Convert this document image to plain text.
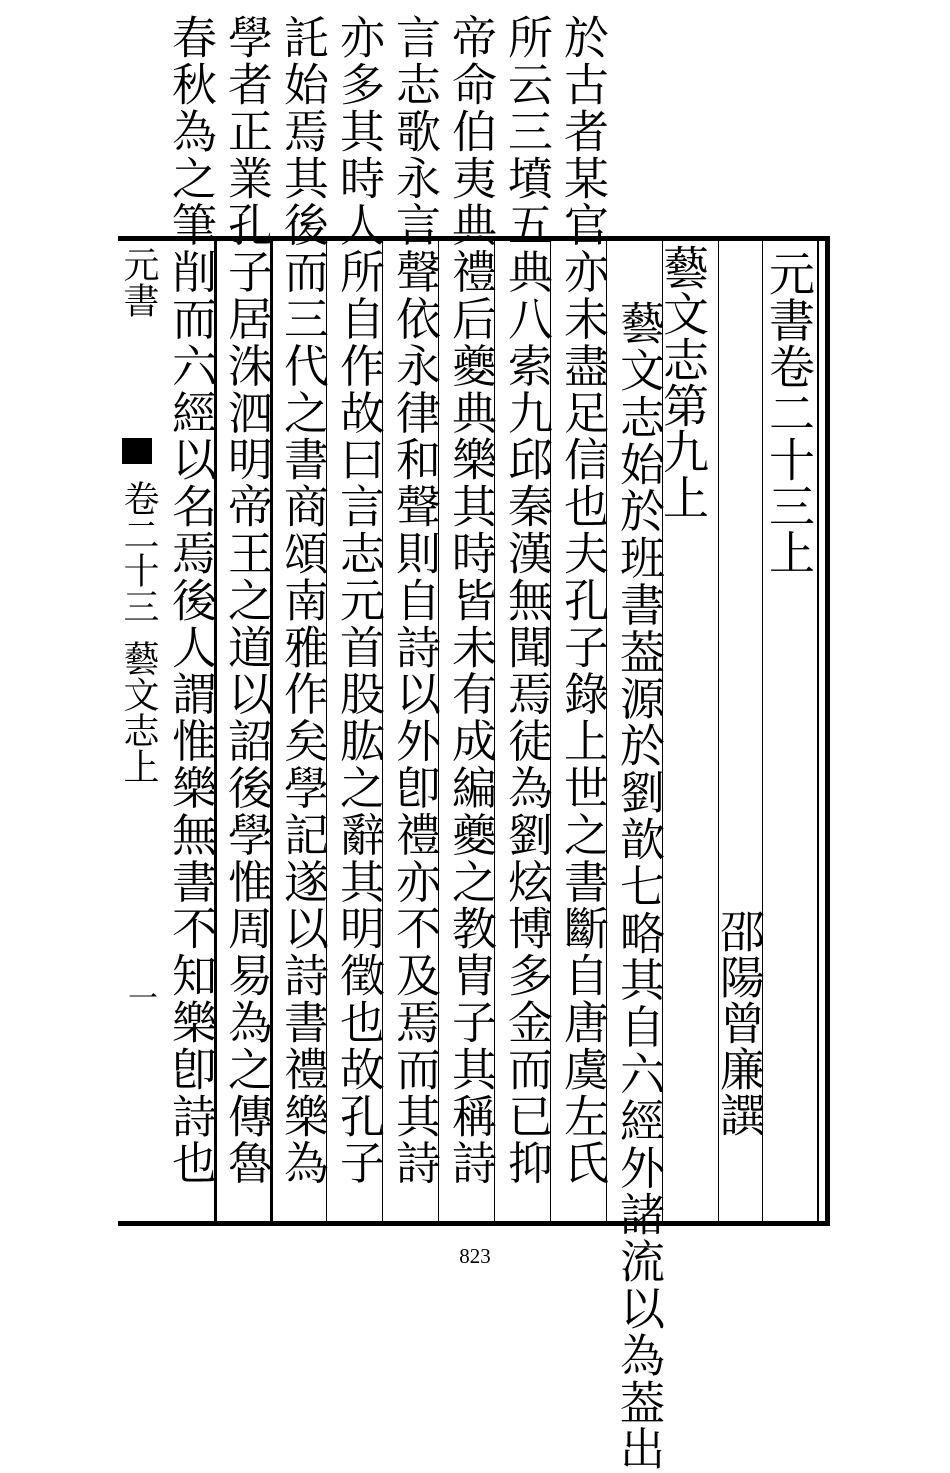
元書
卷二十三
藝文志上
一 春秋為之筆削而六經以名焉後人謂惟樂無書不知樂卽詩也 學者正業孔子居洙泗明帝王之道以詔後學惟周易為之傳魯 託始焉其後而三代之書商頌南雅作矣學記遂以詩書禮樂為 亦多其時人所自作故曰言志元首股肱之辭其明徵也故孔子 言志歌永言聲依永律和聲則自詩以外卽禮亦不及焉而其詩 帝命伯夷典禮后夔典樂其時皆未有成編夔之教胄子其稱詩 所云三墳五典八索九邱秦漢無聞焉徒為劉炫博多金而已抑 於古者某官亦未盡足信也夫孔子錄上世之書斷自唐虞左氏 藝文志始於班書葢源於劉歆七略其自六經外諸流以為葢出
藝文志第九上
邵陽曾廉譔
元書卷二十三上
823
